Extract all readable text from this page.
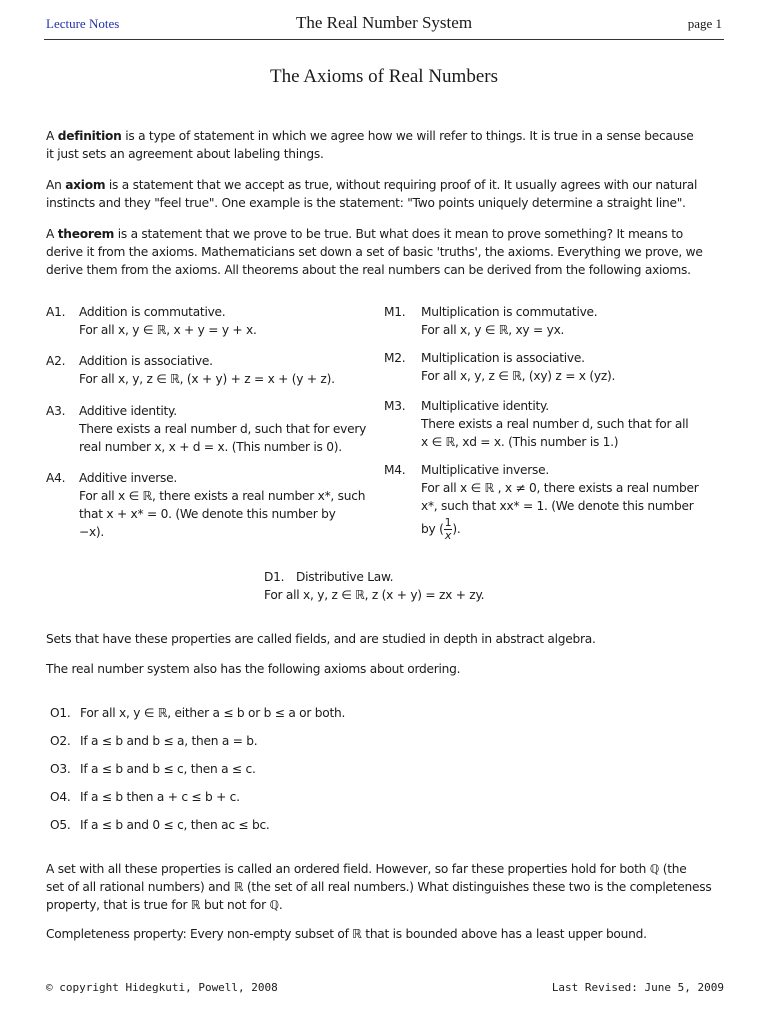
Lecture Notes	The Real Number System	page 1
The Axioms of Real Numbers
A definition is a type of statement in which we agree how we will refer to things. It is true in a sense because
it just sets an agreement about labeling things.
An axiom is a statement that we accept as true, without requiring proof of it. It usually agrees with our natural
instincts and they "feel true". One example is the statement: "Two points uniquely determine a straight line".
A theorem is a statement that we prove to be true. But what does it mean to prove something? It means to
derive it from the axioms. Mathematicians set down a set of basic 'truths', the axioms. Everything we prove, we
derive them from the axioms. All theorems about the real numbers can be derived from the following axioms.
A1. Addition is commutative.
For all x, y ∈ ℝ, x + y = y + x.
A2. Addition is associative.
For all x, y, z ∈ ℝ, (x + y) + z = x + (y + z).
A3. Additive identity.
There exists a real number d, such that for every
real number x, x + d = x. (This number is 0).
A4. Additive inverse.
For all x ∈ ℝ, there exists a real number x*, such
that x + x* = 0. (We denote this number by
−x).
M1. Multiplication is commutative.
For all x, y ∈ ℝ, xy = yx.
M2. Multiplication is associative.
For all x, y, z ∈ ℝ, (xy) z = x (yz).
M3. Multiplicative identity.
There exists a real number d, such that for all
x ∈ ℝ, xd = x. (This number is 1.)
M4. Multiplicative inverse.
For all x ∈ ℝ , x ≠ 0, there exists a real number
x*, such that xx* = 1. (We denote this number
by ( $\frac{1}{x}$ ).
D1.
For all x, y, z ∈ ℝ, z (x + y) = zx + zy.
Distributive Law.
Sets that have these properties are called fields, and are studied in depth in abstract algebra.
The real number system also has the following axioms about ordering.
O1. For all x, y ∈ ℝ, either a ≤ b or b ≤ a or both.
O2. If a ≤ b and b ≤ a, then a = b.
O3. If a ≤ b and b ≤ c, then a ≤ c.
O4. If a ≤ b then a + c ≤ b + c.
O5. If a ≤ b and 0 ≤ c, then ac ≤ bc.
A set with all these properties is called an ordered field. However, so far these properties hold for both ℚ (the
set of all rational numbers) and ℝ (the set of all real numbers.) What distinguishes these two is the completeness
property, that is true for ℝ but not for ℚ.
Completeness property: Every non-empty subset of ℝ that is bounded above has a least upper bound.
© copyright Hidegkuti, Powell, 2008	Last Revised: June 5, 2009
